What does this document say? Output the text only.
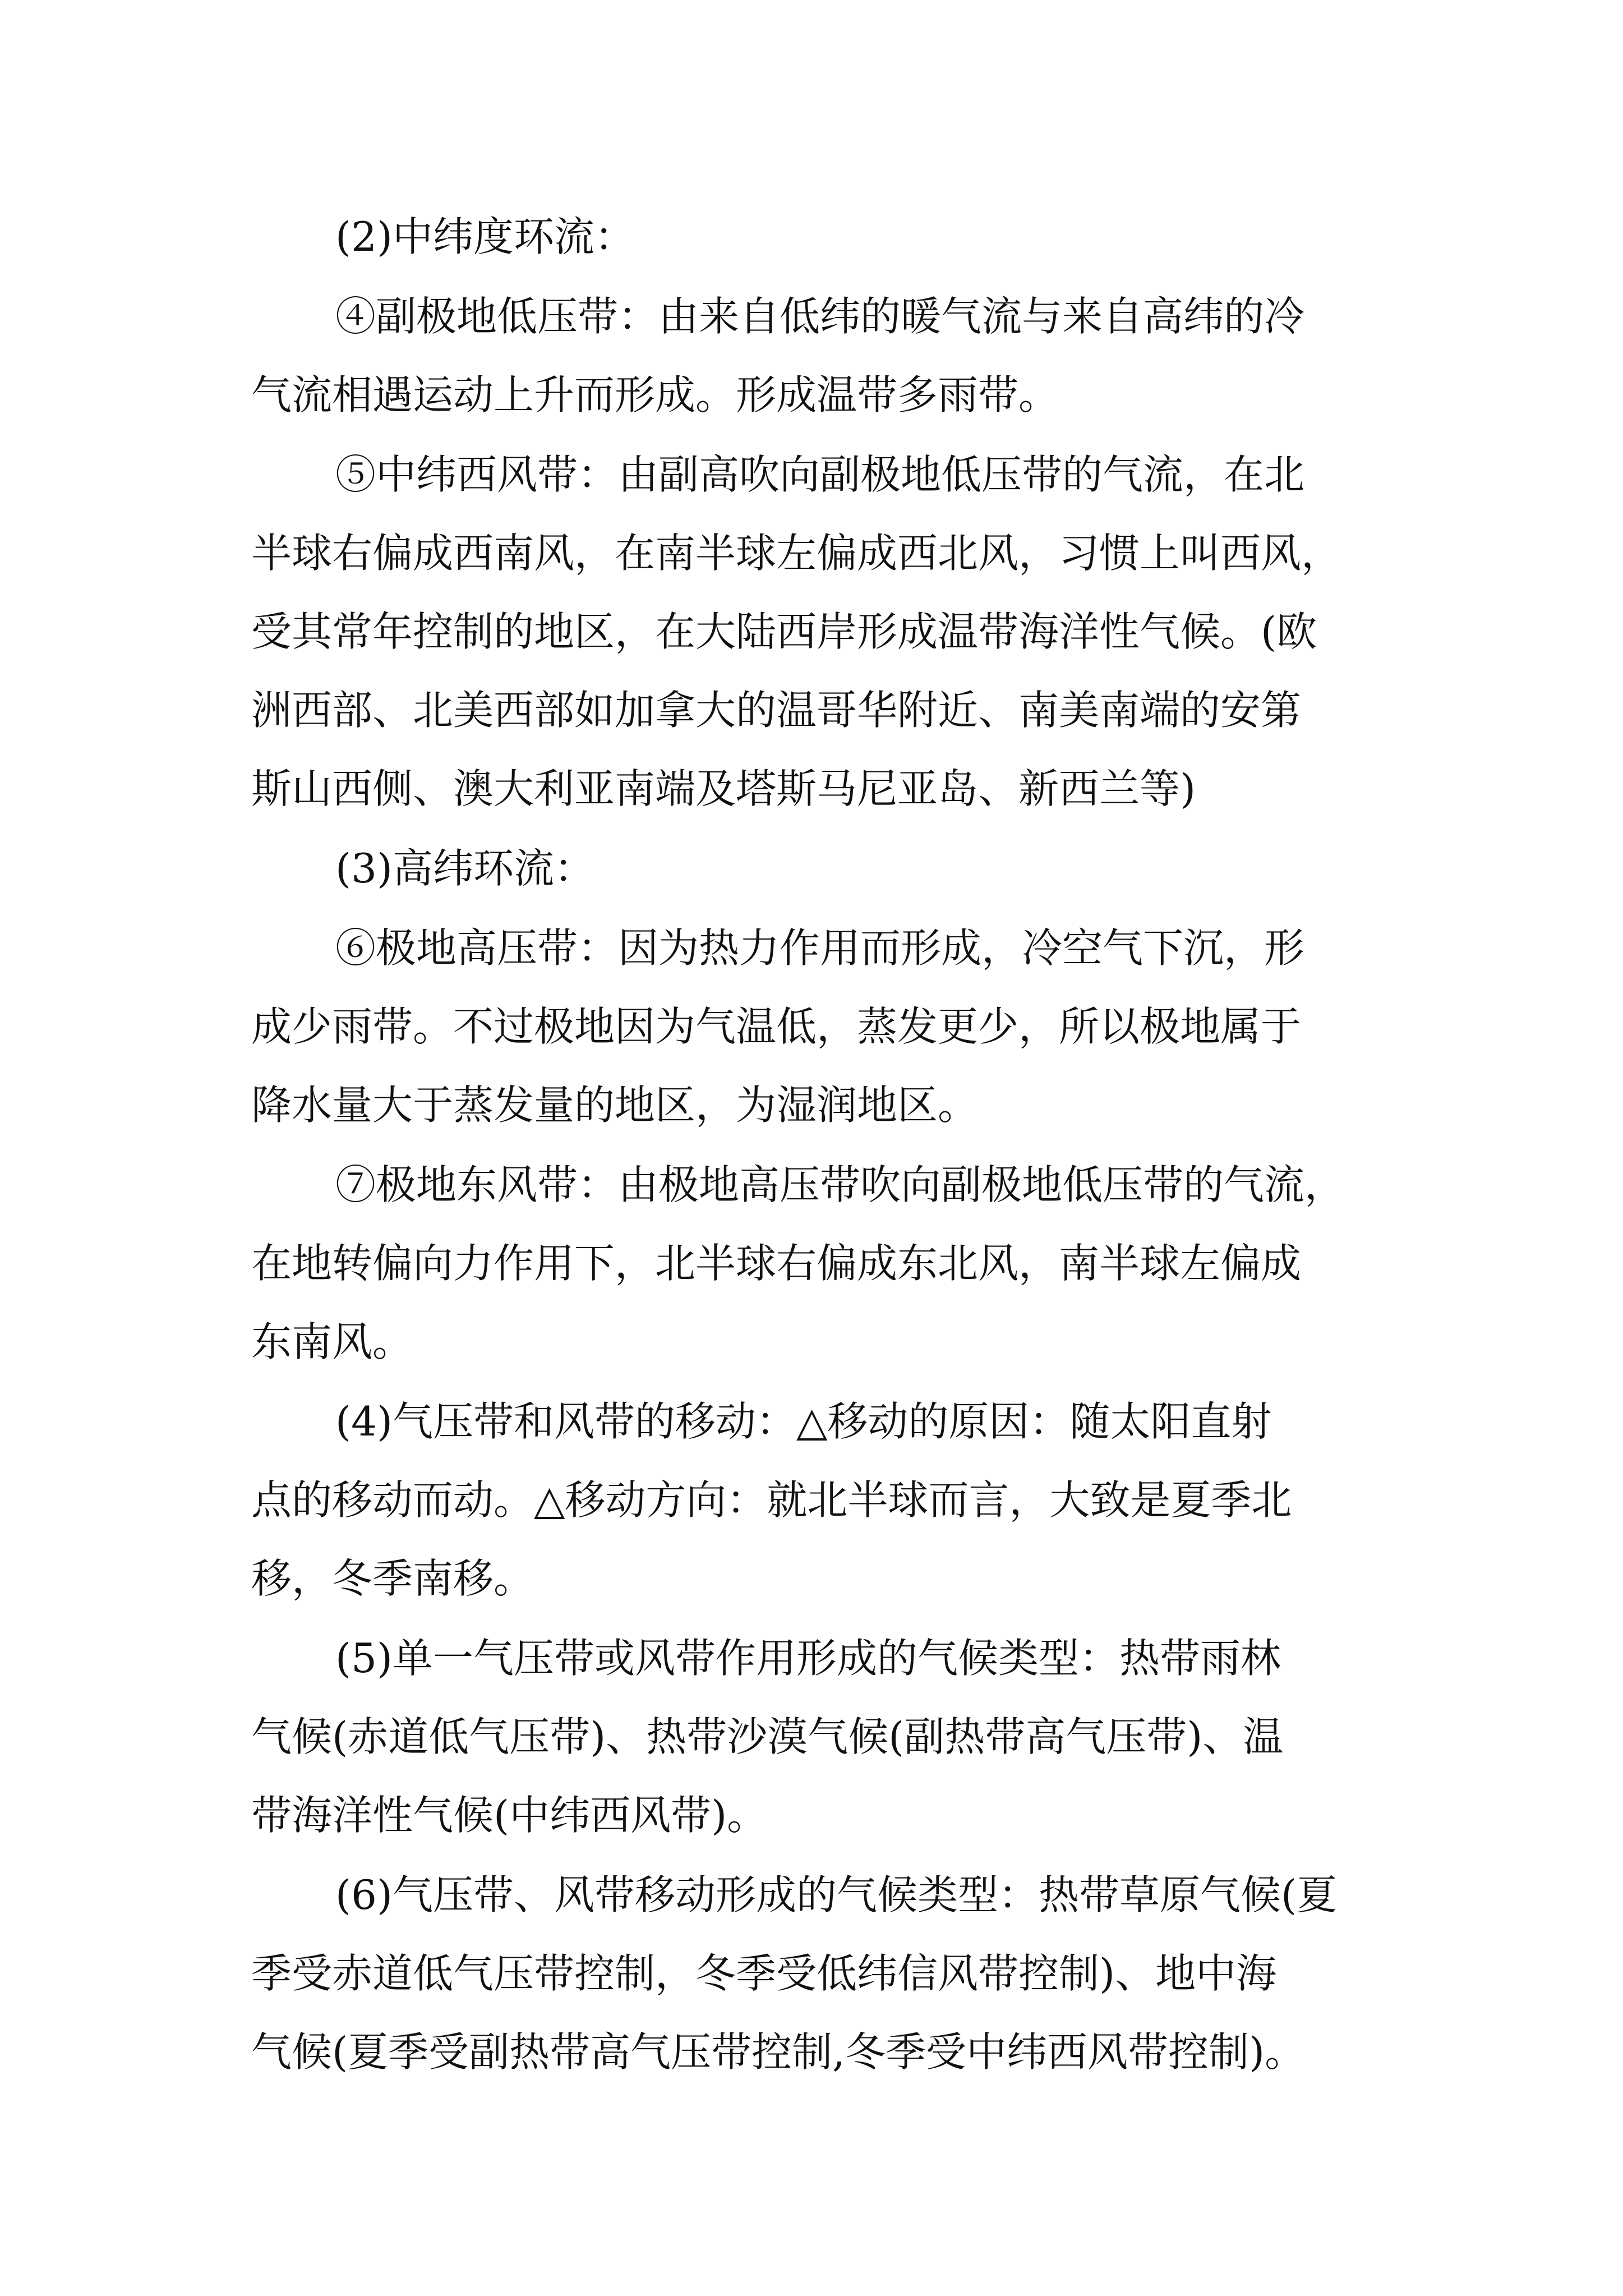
(2)中纬度环流：
④副极地低压带：由来自低纬的暖气流与来自高纬的冷
气流相遇运动上升而形成。形成温带多雨带。
⑤中纬西风带：由副高吹向副极地低压带的气流，在北
半球右偏成西南风，在南半球左偏成西北风，习惯上叫西风，
受其常年控制的地区，在大陆西岸形成温带海洋性气候。(欧
洲西部、北美西部如加拿大的温哥华附近、南美南端的安第
斯山西侧、澳大利亚南端及塔斯马尼亚岛、新西兰等)
(3)高纬环流：
⑥极地高压带：因为热力作用而形成，冷空气下沉，形
成少雨带。不过极地因为气温低，蒸发更少，所以极地属于
降水量大于蒸发量的地区，为湿润地区。
⑦极地东风带：由极地高压带吹向副极地低压带的气流，
在地转偏向力作用下，北半球右偏成东北风，南半球左偏成
东南风。
(4)气压带和风带的移动：△移动的原因：随太阳直射
点的移动而动。△移动方向：就北半球而言，大致是夏季北
移，冬季南移。
(5)单一气压带或风带作用形成的气候类型：热带雨林
气候(赤道低气压带)、热带沙漠气候(副热带高气压带)、温
带海洋性气候(中纬西风带)。
(6)气压带、风带移动形成的气候类型：热带草原气候(夏
季受赤道低气压带控制，冬季受低纬信风带控制)、地中海
气候(夏季受副热带高气压带控制,冬季受中纬西风带控制)。
